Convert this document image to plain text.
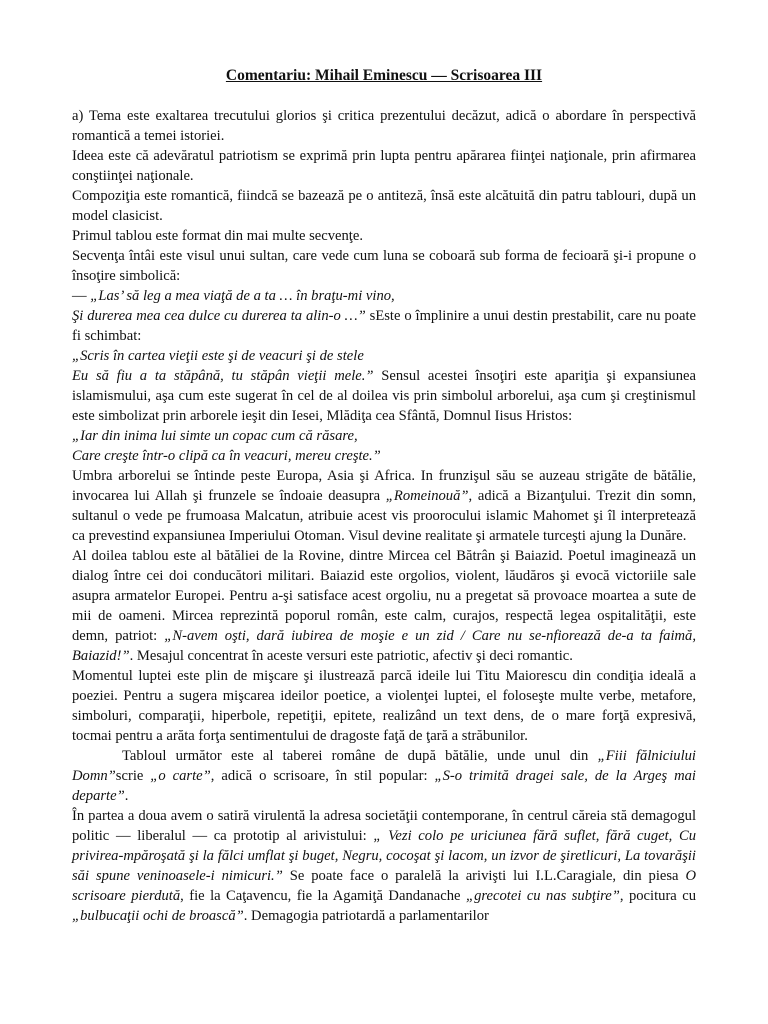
Comentariu: Mihail Eminescu — Scrisoarea III

a) Tema este exaltarea trecutului glorios şi critica prezentului decăzut, adică o abordare în perspectivă romantică a temei istoriei.

Ideea este că adevăratul patriotism se exprimă prin lupta pentru apărarea fiinţei naţionale, prin afirmarea conştiinţei naţionale.

Compoziţia este romantică, fiindcă se bazează pe o antiteză, însă este alcătuită din patru tablouri, după un model clasicist.

Primul tablou este format din mai multe secvenţe.

Secvenţa întâi este visul unui sultan, care vede cum luna se coboară sub forma de fecioară şi-i propune o însoţire simbolică:

— „Las’ să leg a mea viaţă de a ta … în braţu-mi vino,

Şi durerea mea cea dulce cu durerea ta alin-o …” sEste o împlinire a unui destin prestabilit, care nu poate fi schimbat:

„Scris în cartea vieţii este şi de veacuri şi de stele

Eu să fiu a ta stăpână, tu stăpân vieţii mele.” Sensul acestei însoţiri este apariţia şi expansiunea islamismului, aşa cum este sugerat în cel de al doilea vis prin simbolul arborelui, aşa cum şi creştinismul este simbolizat prin arborele ieşit din Iesei, Mlădiţa cea Sfântă, Domnul Iisus Hristos:

„Iar din inima lui simte un copac cum că răsare,

Care creşte într-o clipă ca în veacuri, mereu creşte.”

Umbra arborelui se întinde peste Europa, Asia şi Africa. In frunzişul său se auzeau strigăte de bătălie, invocarea lui Allah şi frunzele se îndoaie deasupra „Romeinouă”, adică a Bizanţului. Trezit din somn, sultanul o vede pe frumoasa Malcatun, atribuie acest vis proorocului islamic Mahomet şi îl interpretează ca prevestind expansiunea Imperiului Otoman. Visul devine realitate şi armatele turceşti ajung la Dunăre.

Al doilea tablou este al bătăliei de la Rovine, dintre Mircea cel Bătrân şi Baiazid. Poetul imaginează un dialog între cei doi conducători militari. Baiazid este orgolios, violent, lăudăros şi evocă victoriile sale asupra armatelor Europei. Pentru a-şi satisface acest orgoliu, nu a pregetat să provoace moartea a sute de mii de oameni. Mircea reprezintă poporul român, este calm, curajos, respectă legea ospitalităţii, este demn, patriot: „N-avem oşti, dară iubirea de moşie e un zid / Care nu se-nfiorează de-a ta faimă, Baiazid!”. Mesajul concentrat în aceste versuri este patriotic, afectiv şi deci romantic.

Momentul luptei este plin de mişcare şi ilustrează parcă ideile lui Titu Maiorescu din condiţia ideală a poeziei. Pentru a sugera mişcarea ideilor poetice, a violenţei luptei, el foloseşte multe verbe, metafore, simboluri, comparaţii, hiperbole, repetiţii, epitete, realizând un text dens, de o mare forţă expresivă, tocmai pentru a arăta forţa sentimentului de dragoste faţă de ţară a străbunilor.

Tabloul următor este al taberei române de după bătălie, unde unul din „Fiii fălniciului Domn”scrie „o carte”, adică o scrisoare, în stil popular: „S-o trimită dragei sale, de la Argeş mai departe”.

În partea a doua avem o satiră virulentă la adresa societăţii contemporane, în centrul căreia stă demagogul politic — liberalul — ca prototip al arivistului: „ Vezi colo pe uriciunea fără suflet, fără cuget, Cu privirea-mpăroşată şi la fălci umflat şi buget, Negru, cocoşat şi lacom, un izvor de şiretlicuri, La tovarăşii săi spune veninoasele-i nimicuri.” Se poate face o paralelă la arivişti lui I.L.Caragiale, din piesa O scrisoare pierdută, fie la Caţavencu, fie la Agamiţă Dandanache „grecotei cu nas subţire”, pocitura cu „bulbucaţii ochi de broască”. Demagogia patriotardă a parlamentarilor
